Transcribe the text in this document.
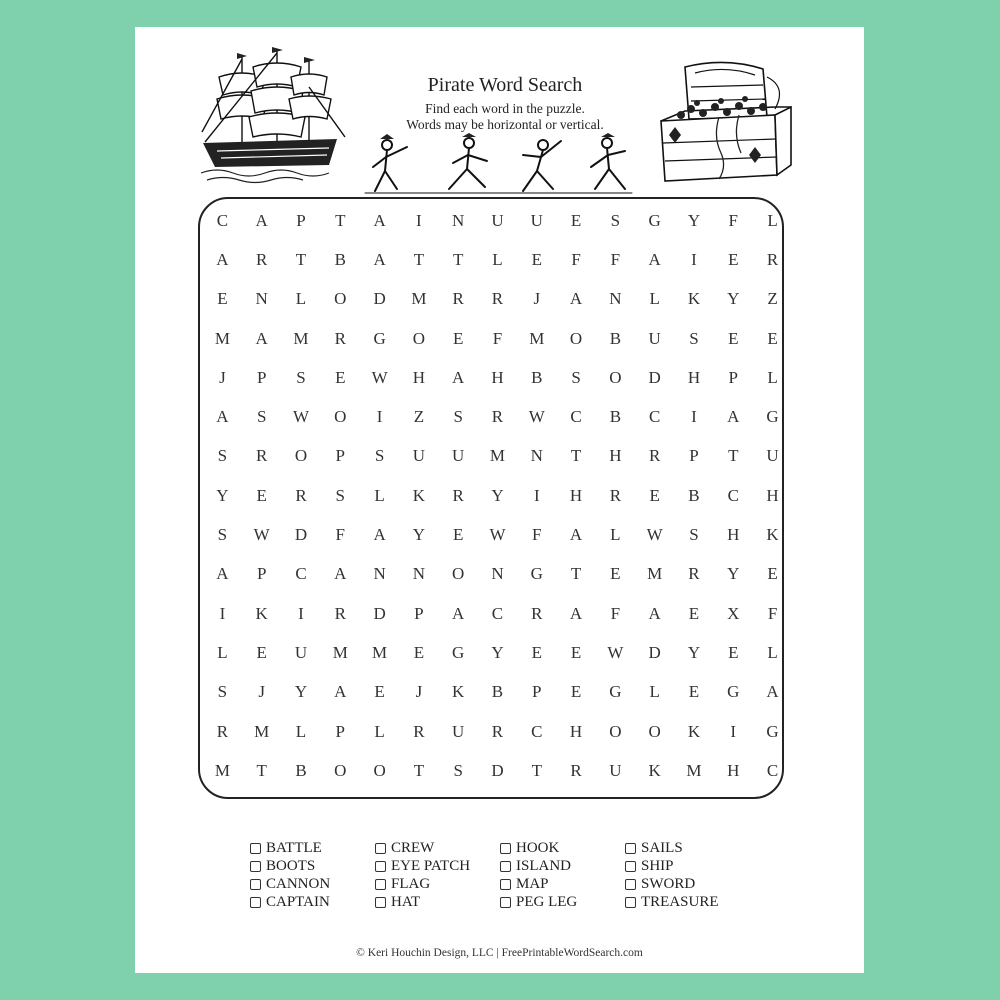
Pirate Word Search
Find each word in the puzzle.
Words may be horizontal or vertical.
C	A	P	T	A	I	N	U	U	E	S	G	Y	F	L
A	R	T	B	A	T	T	L	E	F	F	A	I	E	R
E	N	L	O	D	M	R	R	J	A	N	L	K	Y	Z
M	A	M	R	G	O	E	F	M	O	B	U	S	E	E
J	P	S	E	W	H	A	H	B	S	O	D	H	P	L
A	S	W	O	I	Z	S	R	W	C	B	C	I	A	G
S	R	O	P	S	U	U	M	N	T	H	R	P	T	U
Y	E	R	S	L	K	R	Y	I	H	R	E	B	C	H
S	W	D	F	A	Y	E	W	F	A	L	W	S	H	K
A	P	C	A	N	N	O	N	G	T	E	M	R	Y	E
I	K	I	R	D	P	A	C	R	A	F	A	E	X	F
L	E	U	M	M	E	G	Y	E	E	W	D	Y	E	L
S	J	Y	A	E	J	K	B	P	E	G	L	E	G	A
R	M	L	P	L	R	U	R	C	H	O	O	K	I	G
M	T	B	O	O	T	S	D	T	R	U	K	M	H	C
BATTLE
BOOTS
CANNON
CAPTAIN
CREW
EYE PATCH
FLAG
HAT
HOOK
ISLAND
MAP
PEG LEG
SAILS
SHIP
SWORD
TREASURE
© Keri Houchin Design, LLC | FreePrintableWordSearch.com
